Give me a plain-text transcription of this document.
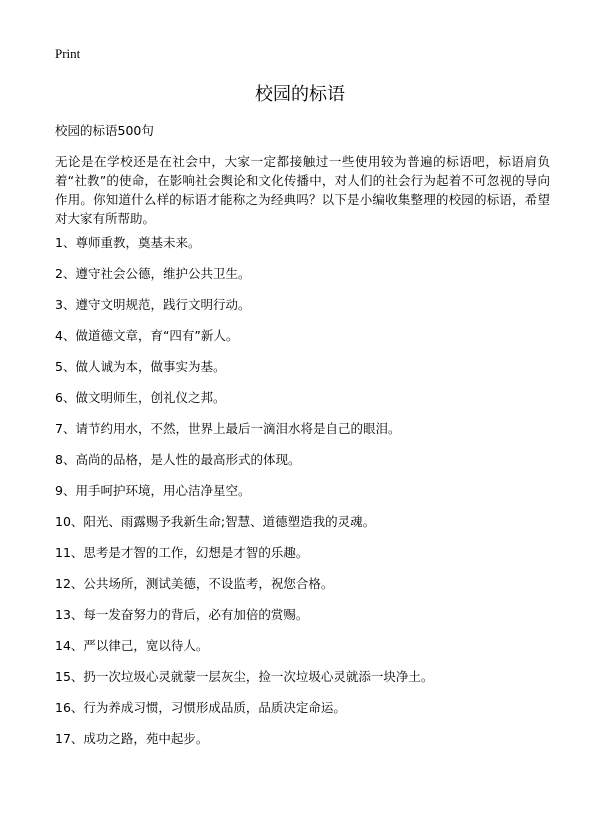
Print
校园的标语
校园的标语500句

无论是在学校还是在社会中，大家一定都接触过一些使用较为普遍的标语吧，标语肩负着“社教”的使命，在影响社会舆论和文化传播中，对人们的社会行为起着不可忽视的导向作用。你知道什么样的标语才能称之为经典吗？以下是小编收集整理的校园的标语，希望对大家有所帮助。

1、尊师重教，奠基未来。
2、遵守社会公德，维护公共卫生。
3、遵守文明规范，践行文明行动。
4、做道德文章，育“四有”新人。
5、做人诚为本，做事实为基。
6、做文明师生，创礼仪之邦。
7、请节约用水，不然，世界上最后一滴泪水将是自己的眼泪。
8、高尚的品格，是人性的最高形式的体现。
9、用手呵护环境，用心洁净星空。
10、阳光、雨露赐予我新生命;智慧、道德塑造我的灵魂。
11、思考是才智的工作，幻想是才智的乐趣。
12、公共场所，测试美德，不设监考，祝您合格。
13、每一发奋努力的背后，必有加倍的赏赐。
14、严以律己，宽以待人。
15、扔一次垃圾心灵就蒙一层灰尘，捡一次垃圾心灵就添一块净土。
16、行为养成习惯，习惯形成品质，品质决定命运。
17、成功之路，苑中起步。
